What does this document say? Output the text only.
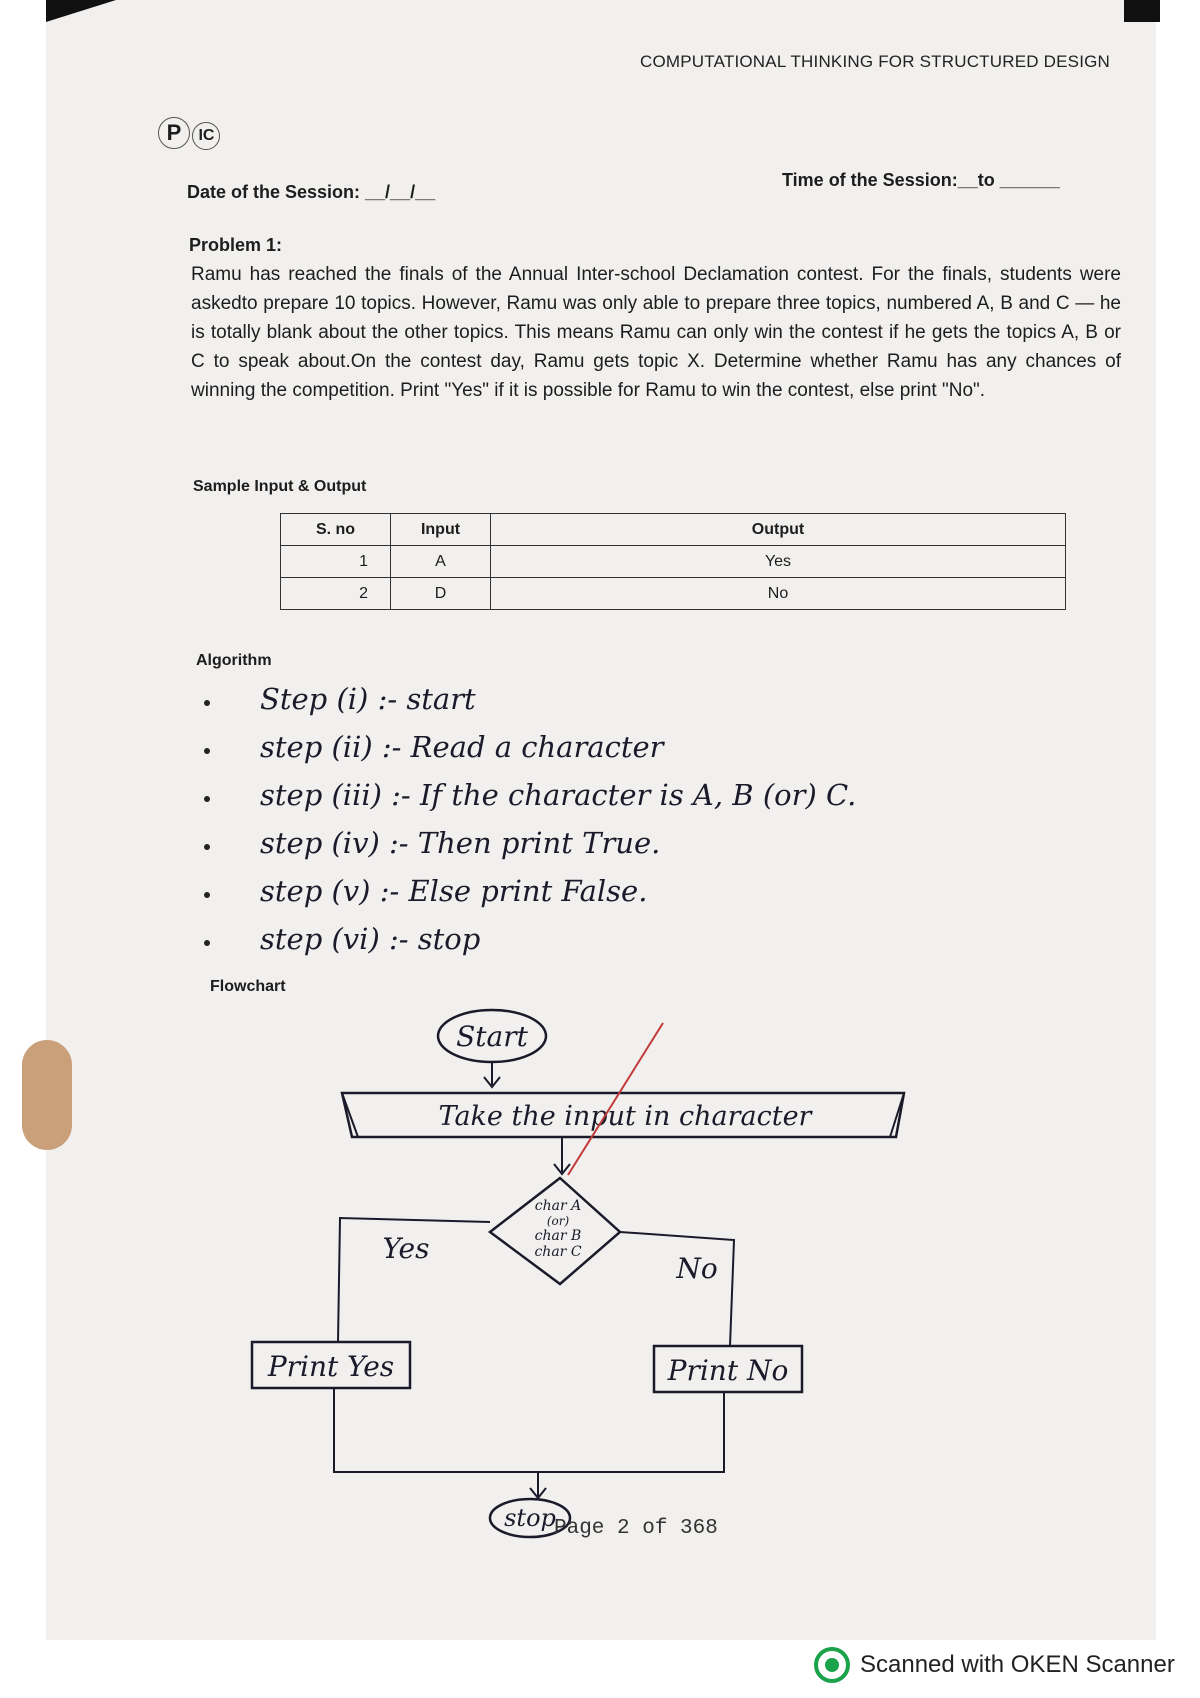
COMPUTATIONAL THINKING FOR STRUCTURED DESIGN
P IC
Date of the Session: __/__/__
Time of the Session:__to ______
Problem 1:
Ramu has reached the finals of the Annual Inter-school Declamation contest. For the finals, students were askedto prepare 10 topics. However, Ramu was only able to prepare three topics, numbered A, B and C — he is totally blank about the other topics. This means Ramu can only win the contest if he gets the topics A, B or C to speak about.On the contest day, Ramu gets topic X. Determine whether Ramu has any chances of winning the competition. Print "Yes" if it is possible for Ramu to win the contest, else print "No".
Sample Input & Output
S. no	Input	Output
1	A	Yes
2	D	No
Algorithm
Step (i) :- start
step (ii) :- Read a character
step (iii) :- If the character is A, B (or) C.
step (iv) :- Then print True.
step (v) :- Else print False.
step (vi) :- stop
Flowchart
Start
Take the input in character
char A
(or)
char B
char C
Yes
Print Yes
No
Print No
stop
Page 2 of 368
Scanned with OKEN Scanner
